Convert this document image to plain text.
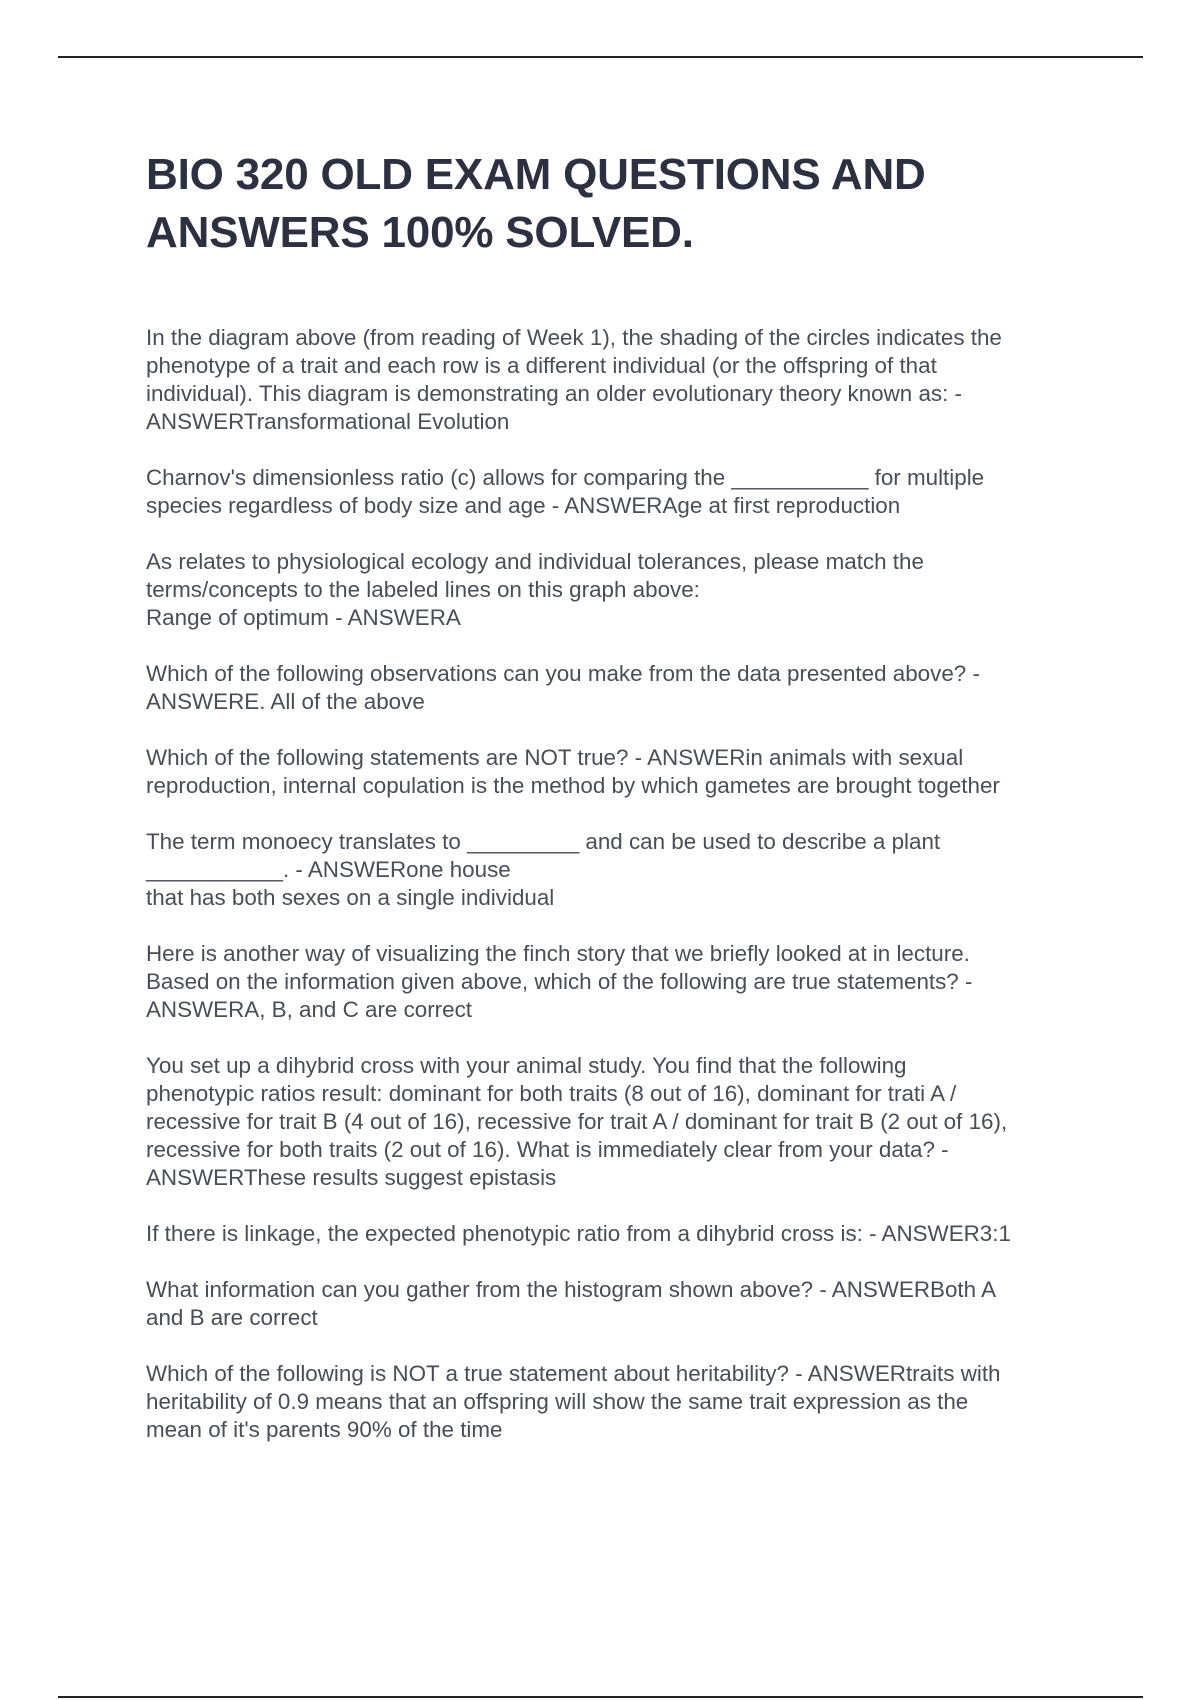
BIO 320 OLD EXAM QUESTIONS AND
ANSWERS 100% SOLVED.

In the diagram above (from reading of Week 1), the shading of the circles indicates the
phenotype of a trait and each row is a different individual (or the offspring of that
individual). This diagram is demonstrating an older evolutionary theory known as: -
ANSWERTransformational Evolution

Charnov's dimensionless ratio (c) allows for comparing the ___________ for multiple
species regardless of body size and age - ANSWERAge at first reproduction

As relates to physiological ecology and individual tolerances, please match the
terms/concepts to the labeled lines on this graph above:
Range of optimum - ANSWERA

Which of the following observations can you make from the data presented above? -
ANSWERE. All of the above

Which of the following statements are NOT true? - ANSWERin animals with sexual
reproduction, internal copulation is the method by which gametes are brought together

The term monoecy translates to _________ and can be used to describe a plant
___________. - ANSWERone house
that has both sexes on a single individual

Here is another way of visualizing the finch story that we briefly looked at in lecture.
Based on the information given above, which of the following are true statements? -
ANSWERA, B, and C are correct

You set up a dihybrid cross with your animal study. You find that the following
phenotypic ratios result: dominant for both traits (8 out of 16), dominant for trati A /
recessive for trait B (4 out of 16), recessive for trait A / dominant for trait B (2 out of 16),
recessive for both traits (2 out of 16). What is immediately clear from your data? -
ANSWERThese results suggest epistasis

If there is linkage, the expected phenotypic ratio from a dihybrid cross is: - ANSWER3:1

What information can you gather from the histogram shown above? - ANSWERBoth A
and B are correct

Which of the following is NOT a true statement about heritability? - ANSWERtraits with
heritability of 0.9 means that an offspring will show the same trait expression as the
mean of it's parents 90% of the time
